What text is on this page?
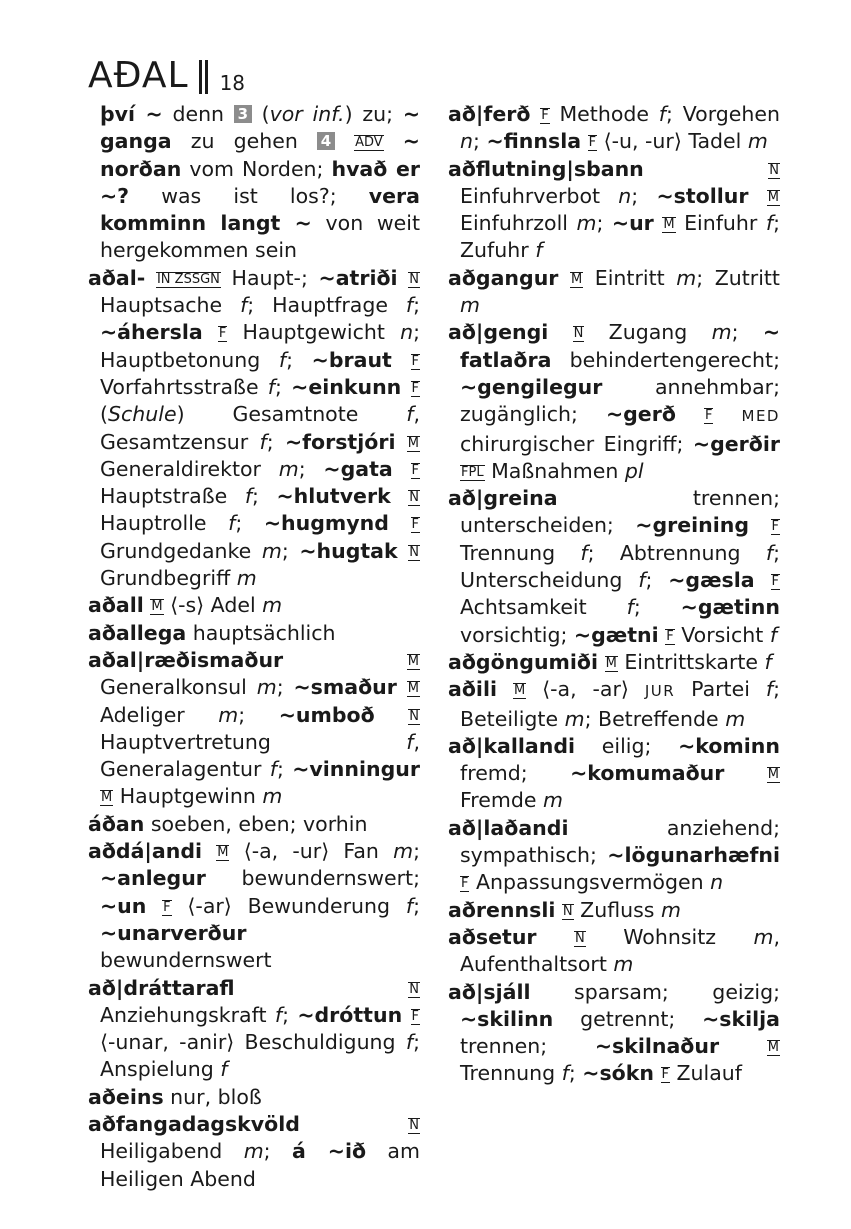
AÐAL 18

því ~ denn 3 (vor inf.) zu; ~ ganga zu gehen 4 ADV ~ norðan vom Norden; hvað er ~? was ist los?; vera komminn langt ~ von weit hergekommen sein

aðal- IN ZSSGN Haupt-; ~atriði N Hauptsache f; Hauptfrage f; ~áhersla F Hauptgewicht n; Hauptbetonung f; ~braut F Vorfahrtsstraße f; ~einkunn F (Schule) Gesamtnote f, Gesamtzensur f; ~forstjóri M Generaldirektor m; ~gata F Hauptstraße f; ~hlutverk N Hauptrolle f; ~hugmynd F Grundgedanke m; ~hugtak N Grundbegriff m

aðall M ⟨-s⟩ Adel m

aðallega hauptsächlich

aðal|ræðismaður	M Generalkonsul m; ~smaður M Adeliger m; ~umboð	N Hauptvertretung f, Generalagentur f; ~vinningur M Hauptgewinn m

áðan soeben, eben; vorhin

aðdá|andi M ⟨-a, -ur⟩ Fan m; ~anlegur bewundernswert; ~un F ⟨-ar⟩ Bewunderung f; ~unarverður bewundernswert

að|dráttarafl	N Anziehungskraft f; ~dróttun F ⟨-unar, -anir⟩ Beschuldigung f; Anspielung f

aðeins nur, bloß

aðfangadagskvöld	N Heiligabend m; á ~ið am Heiligen Abend

að|ferð F Methode f; Vorgehen n; ~finnsla F ⟨-u, -ur⟩ Tadel m

aðflutning|sbann	N Einfuhrverbot n; ~stollur M Einfuhrzoll m; ~ur M Einfuhr f; Zufuhr f

aðgangur M Eintritt m; Zutritt m

að|gengi N Zugang m; ~ fatlaðra behindertengerecht; ~gengilegur annehmbar; zugänglich; ~gerð F MED chirurgischer Eingriff; ~gerðir FPL Maßnahmen pl

að|greina trennen; unterscheiden; ~greining F Trennung f; Abtrennung f; Unterscheidung f; ~gæsla F Achtsamkeit f; ~gætinn vorsichtig; ~gætni F Vorsicht f

aðgöngumiði M Eintrittskarte f

aðili M ⟨-a, -ar⟩ JUR Partei f; Beteiligte m; Betreffende m

að|kallandi eilig; ~kominn fremd; ~komumaður	M Fremde m

að|laðandi anziehend; sympathisch; ~lögunarhæfni F Anpassungsvermögen n

aðrennsli N Zufluss m

aðsetur	N Wohnsitz m, Aufenthaltsort m

að|sjáll sparsam; geizig; ~skilinn getrennt; ~skilja trennen; ~skilnaður	M Trennung f; ~sókn F Zulauf
